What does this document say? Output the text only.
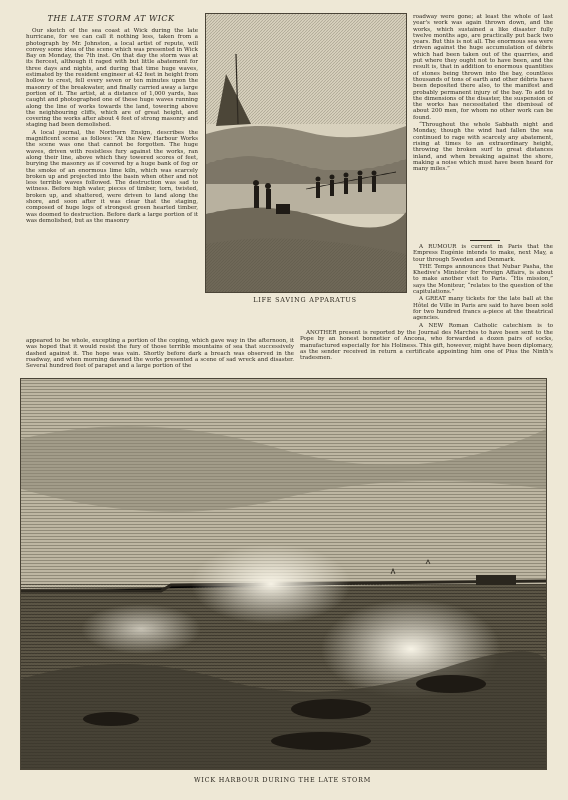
THE LATE STORM AT WICK

Our sketch of the sea coast at Wick during the late hurricane, for we can call it nothing less, taken from a photograph by Mr. Johnston, a local artist of repute, will convey some idea of the scene which was presented in Wick Bay on Monday, the 7th inst. On that day the storm was at its fiercest, although it raged with but little abatement for three days and nights, and during that time huge waves, estimated by the resident engineer at 42 feet in height from hollow to crest, fell every seven or ten minutes upon the masonry of the breakwater, and finally carried away a large portion of it. The artist, at a distance of 1,000 yards, has caught and photographed one of these huge waves running along the line of works towards the land, towering above the neighbouring cliffs, which are of great height, and covering the works after about 4 feet of strong masonry and staging had been demolished.

A local journal, the Northern Ensign, describes the magnificent scene as follows: “At the New Harbour Works the scene was one that cannot be forgotten. The huge waves, driven with resistless fury against the works, ran along their line, above which they towered scores of feet, burying the masonry as if covered by a huge bank of fog or the smoke of an enormous lime kiln, which was scarcely broken up and projected into the basin when other and not less terrible waves followed. The destruction was sad to witness. Before high water, pieces of timber, torn, twisted, broken up, and shattered, were driven to land along the shore, and soon after it was clear that the staging, composed of huge logs of strongest green hearted timber, was doomed to destruction. Before dark a large portion of it was demolished, but as the masonry

LIFE SAVING APPARATUS

roadway were gone; at least the whole of last year's work was again thrown down, and the works, which sustained a like disaster fully twelve months ago, are practically put back two years. But this is not all. The enormous sea were driven against the huge accumulation of débris which had been taken out of the quarries, and put where they ought not to have been, and the result is, that in addition to enormous quantities of stones being thrown into the bay, countless thousands of tons of earth and other débris have been deposited there also, to the manifest and probably permanent injury of the bay. To add to the dimensions of the disaster, the suspension of the works has necessitated the dismissal of about 200 men, for whom no other work can be found.

“Throughout the whole Sabbath night and Monday, though the wind had fallen the sea continued to rage with scarcely any abatement, rising at times to an extraordinary height, throwing the broken surf to great distances inland, and when breaking against the shore, making a noise which must have been heard for many miles.”

A RUMOUR is current in Paris that the Empress Eugénie intends to make, next May, a tour through Sweden and Denmark.

THE Temps announces that Nubar Pasha, the Khedive's Minister for Foreign Affairs, is about to make another visit to Paris. “His mission,” says the Moniteur, “relates to the question of the capitulations.”

A GREAT many tickets for the late ball at the Hôtel de Ville in Paris are said to have been sold for two hundred francs a-piece at the theatrical agencies.

A NEW Roman Catholic catechism is to

appeared to be whole, excepting a portion of the coping, which gave way in the afternoon, it was hoped that it would resist the fury of those terrible mountains of sea that successively dashed against it. The hope was vain. Shortly before dark a breach was observed in the roadway, and when morning dawned the works presented a scene of sad wreck and disaster. Several hundred feet of parapet and a large portion of the

ANOTHER present is reported by the Journal des Marchés to have been sent to the Pope by an honest bonnetier of Ancona, who forwarded a dozen pairs of socks, manufactured especially for his Holiness. This gift, however, might have been diplomacy, as the sender received in return a certificate appointing him one of Pius the Ninth's tradesmen.

WICK HARBOUR DURING THE LATE STORM
